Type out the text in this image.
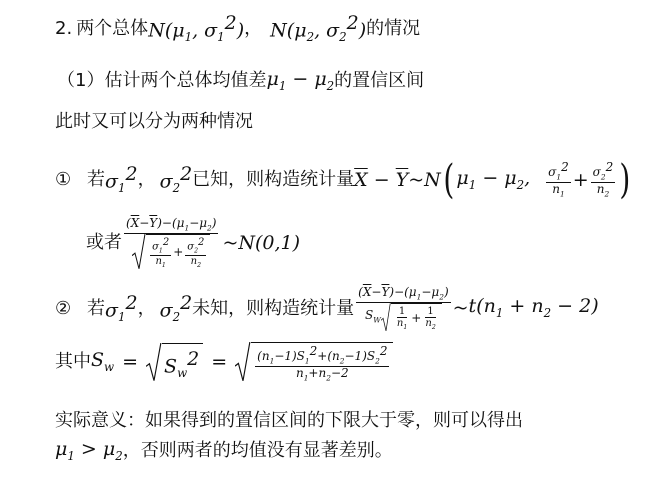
2. 两个总体 $N(\mu_1$, $\sigma_1^2$) ， $N(\mu_2$, $\sigma_2^2$) 的情况
（1） 估计两个总体均值差 $\mu_1 - \mu_2$ 的置信区间
此时又可以分为两种情况
① 若 $\sigma_1^2$ ， $\sigma_2^2$ 已知，则构造统计量 $\overline{X}$ − $\overline{Y}\sim N$ ( $\mu_1 - \mu_2$, $\frac{\sigma_1^2}{n_1} + \frac{\sigma_2^2}{n_2}$ )
或者 $\frac{(\overline{X}-\overline{Y})-(\mu_1-\mu_2)}{\frac{\sigma_1^2}{n_1} + \frac{\sigma_2^2}{n_2}}$ ~ N(0,1)
② 若 $\sigma_1^2$ ， $\sigma_2^2$ 未知，则构造统计量
$(\overline{X}-\overline{Y})-(\mu_1-\mu_2)$
$S_W \frac{1}{n_1} + \frac{1}{n_2}$ ~ $t(n_1 + n_2 - 2)$
其中 $S_w = S_w^2 = \frac{(n_1-1)S_1^2+(n_2-1)S_2^2}{n_1+n_2-2}$
实际意义：如果得到的置信区间的下限大于零，则可以得出
$\mu_1 > \mu_2$ ，否则两者的均值没有显著差别。
